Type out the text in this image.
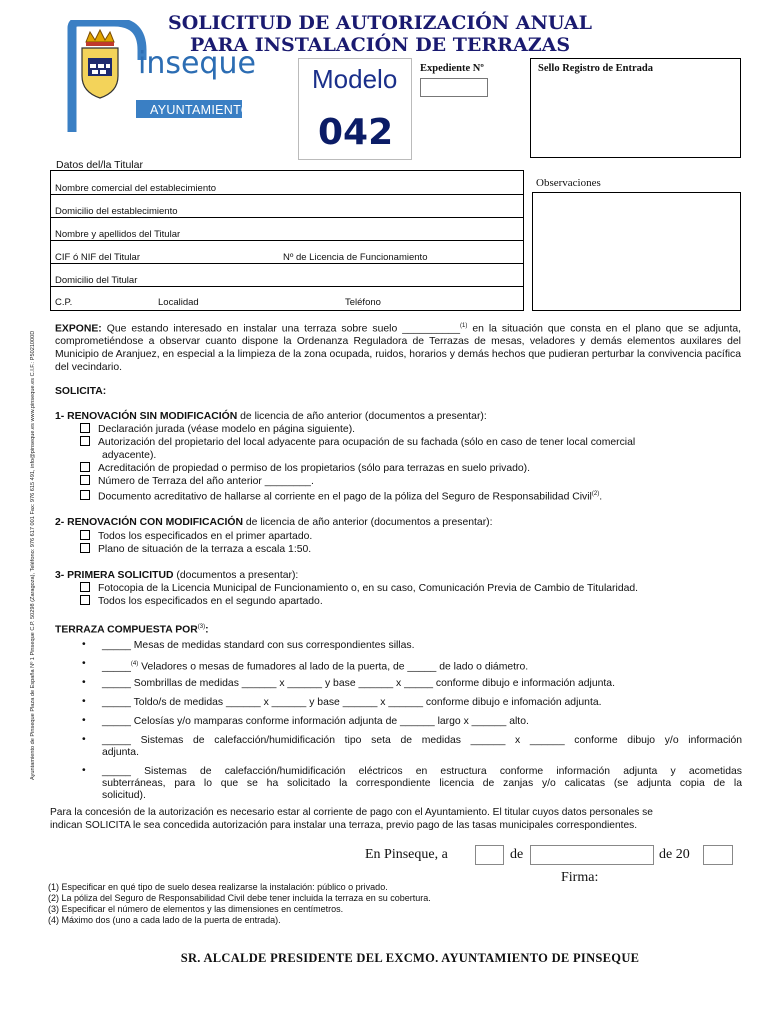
SOLICITUD DE AUTORIZACIÓN ANUAL
PARA INSTALACIÓN DE TERRAZAS
inseque
AYUNTAMIENTO
Modelo
042
Expediente Nº	Sello Registro de Entrada
Ayuntamiento de Pinseque Plaza de España Nº 1 Pinseque C.P. 50298 (Zaragoza), Teléfono: 976 617 001 Fax: 976 615 491, info@pinseque.es www.pinseque.es C.I.F.: P5021000D
Datos del/la Titular
Nombre comercial del establecimiento
Domicilio del establecimiento
Nombre y apellidos del Titular
CIF ó NIF del Titular	Nº de Licencia de Funcionamiento
Domicilio del Titular
C.P.	Localidad	Teléfono
Observaciones
EXPONE: Que estando interesado en instalar una terraza sobre suelo __________$^{(1)}$ en la situación que consta en el plano que se adjunta, comprometiéndose a observar cuanto dispone la Ordenanza Reguladora de Terrazas de mesas, veladores y demás elementos auxilares del Municipio de Aranjuez, en especial a la limpieza de la zona ocupada, ruidos, horarios y demás hechos que pudieran perturbar la convivencia pacífica del vecindario.
SOLICITA:
1- RENOVACIÓN SIN MODIFICACIÓN de licencia de año anterior (documentos a presentar):
Declaración jurada (véase modelo en página siguiente).
Autorización del propietario del local adyacente para ocupación de su fachada (sólo en caso de tener local comercial
adyacente).
Acreditación de propiedad o permiso de los propietarios (sólo para terrazas en suelo privado).
Número de Terraza del año anterior ________.
Documento acreditativo de hallarse al corriente en el pago de la póliza del Seguro de Responsabilidad Civil$^{(2)}$.
2- RENOVACIÓN CON MODIFICACIÓN de licencia de año anterior (documentos a presentar):
Todos los especificados en el primer apartado.
Plano de situación de la terraza a escala 1:50.
3- PRIMERA SOLICITUD (documentos a presentar):
Fotocopia de la Licencia Municipal de Funcionamiento o, en su caso, Comunicación Previa de Cambio de Titularidad.
Todos los especificados en el segundo apartado.
TERRAZA COMPUESTA POR$^{(3)}$:
• _____ Mesas de medidas standard con sus correspondientes sillas.
• _____$^{(4)}$ Veladores o mesas de fumadores al lado de la puerta, de _____ de lado o diámetro.
• _____ Sombrillas de medidas ______ x ______ y base ______ x _____ conforme dibujo e información adjunta.
• _____ Toldo/s de medidas ______ x ______ y base ______ x ______ conforme dibujo e infomación adjunta.
• _____ Celosías y/o mamparas conforme información adjunta de ______ largo x ______ alto.
• _____ Sistemas de calefacción/humidificación tipo seta de medidas ______ x ______ conforme dibujo y/o información
adjunta.
• _____ Sistemas de calefacción/humidificación eléctricos en estructura conforme información adjunta y acometidas
subterráneas, para lo que se ha solicitado la correspondiente licencia de zanjas y/o calicatas (se adjunta copia de la
solicitud).
Para la concesión de la autorización es necesario estar al corriente de pago con el Ayuntamiento. El titular cuyos datos personales se
indican SOLICITA le sea concedida autorización para instalar una terraza, previo pago de las tasas municipales correspondientes.
En Pinseque, a	de	de 20
Firma:
(1) Especificar en qué tipo de suelo desea realizarse la instalación: público o privado.
(2) La póliza del Seguro de Responsabilidad Civil debe tener incluida la terraza en su cobertura.
(3) Especificar el número de elementos y las dimensiones en centímetros.
(4) Máximo dos (uno a cada lado de la puerta de entrada).
SR. ALCALDE PRESIDENTE DEL EXCMO. AYUNTAMIENTO DE PINSEQUE
